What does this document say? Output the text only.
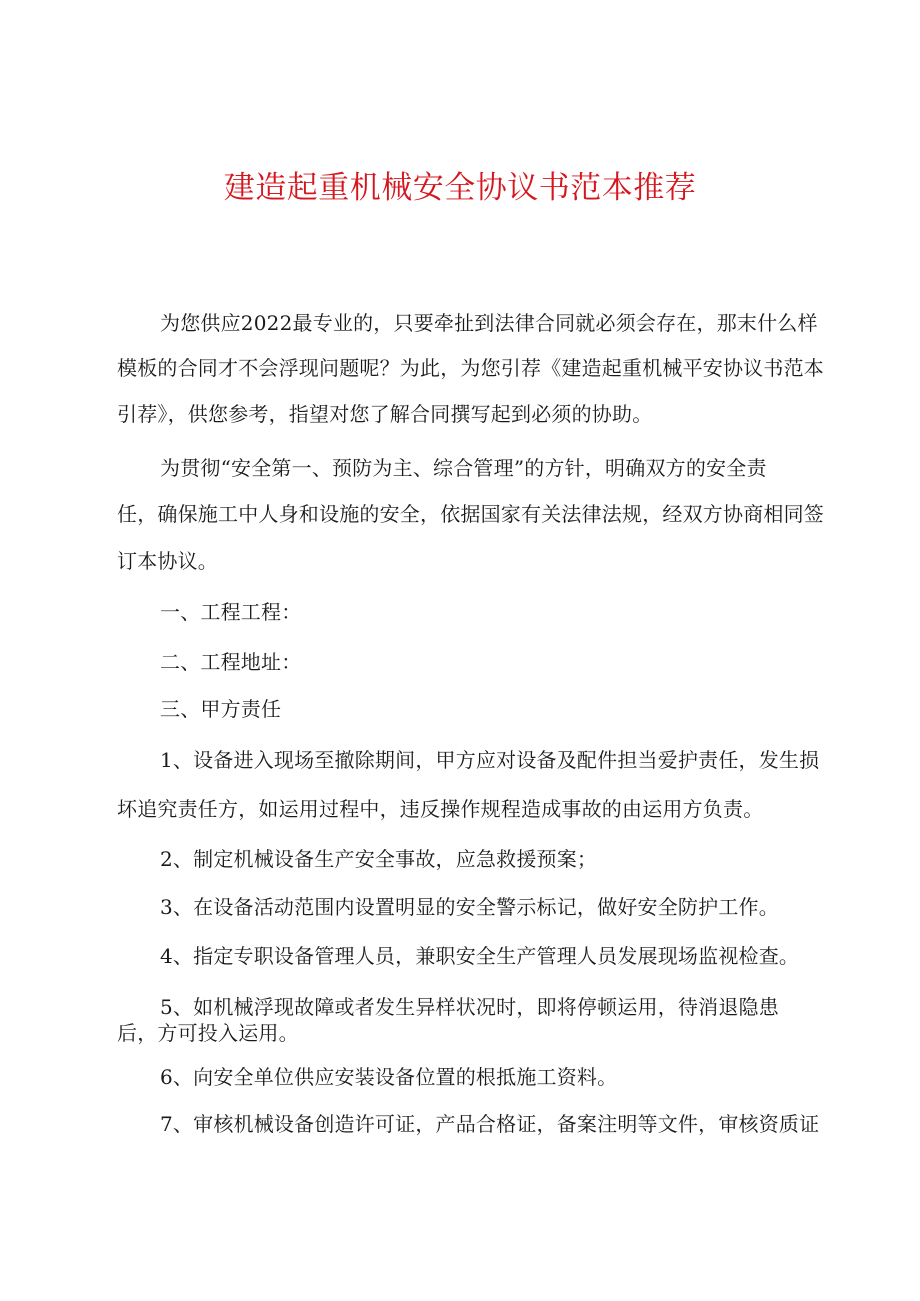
建造起重机械安全协议书范本推荐
为您供应2022最专业的，只要牵扯到法律合同就必须会存在，那末什么样
模板的合同才不会浮现问题呢？为此，为您引荐《建造起重机械平安协议书范本
引荐》，供您参考，指望对您了解合同撰写起到必须的协助。
为贯彻“安全第一、预防为主、综合管理”的方针，明确双方的安全责
任，确保施工中人身和设施的安全，依据国家有关法律法规，经双方协商相同签
订本协议。
一、工程工程：
二、工程地址：
三、甲方责任
1、设备进入现场至撤除期间，甲方应对设备及配件担当爱护责任，发生损
坏追究责任方，如运用过程中，违反操作规程造成事故的由运用方负责。
2、制定机械设备生产安全事故，应急救援预案；
3、在设备活动范围内设置明显的安全警示标记，做好安全防护工作。
4、指定专职设备管理人员，兼职安全生产管理人员发展现场监视检查。
5、如机械浮现故障或者发生异样状况时，即将停顿运用，待消退隐患
后，方可投入运用。
6、向安全单位供应安装设备位置的根抵施工资料。
7、审核机械设备创造许可证，产品合格证，备案注明等文件，审核资质证
